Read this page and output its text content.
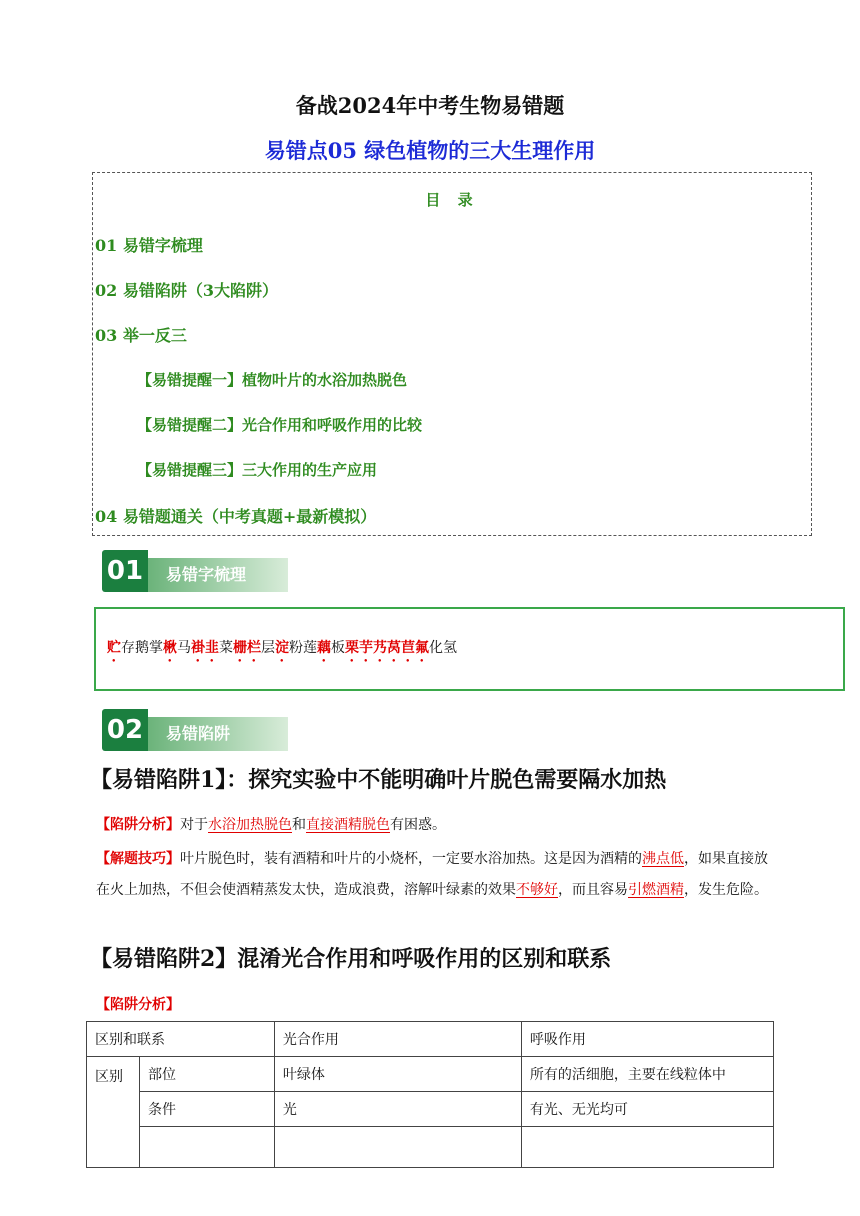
备战2024年中考生物易错题
易错点05 绿色植物的三大生理作用
目 录
01 易错字梳理
02 易错陷阱（3大陷阱）
03 举一反三
【易错提醒一】植物叶片的水浴加热脱色
【易错提醒二】光合作用和呼吸作用的比较
【易错提醒三】三大作用的生产应用
04 易错题通关（中考真题+最新模拟）
01	易错字梳理
贮存鹅掌楸马褂韭菜栅栏层淀粉莲藕板栗芋艿莴苣氟化氢
02	易错陷阱
【易错陷阱1】：探究实验中不能明确叶片脱色需要隔水加热
【陷阱分析】对于水浴加热脱色和直接酒精脱色有困惑。
【解题技巧】叶片脱色时，装有酒精和叶片的小烧杯，一定要水浴加热。这是因为酒精的沸点低，如果直接放在火上加热，不但会使酒精蒸发太快，造成浪费，溶解叶绿素的效果不够好，而且容易引燃酒精，发生危险。
【易错陷阱2】混淆光合作用和呼吸作用的区别和联系
【陷阱分析】
区别和联系		光合作用	呼吸作用
区别	部位	叶绿体	所有的活细胞，主要在线粒体中
	条件	光	有光、无光均可
